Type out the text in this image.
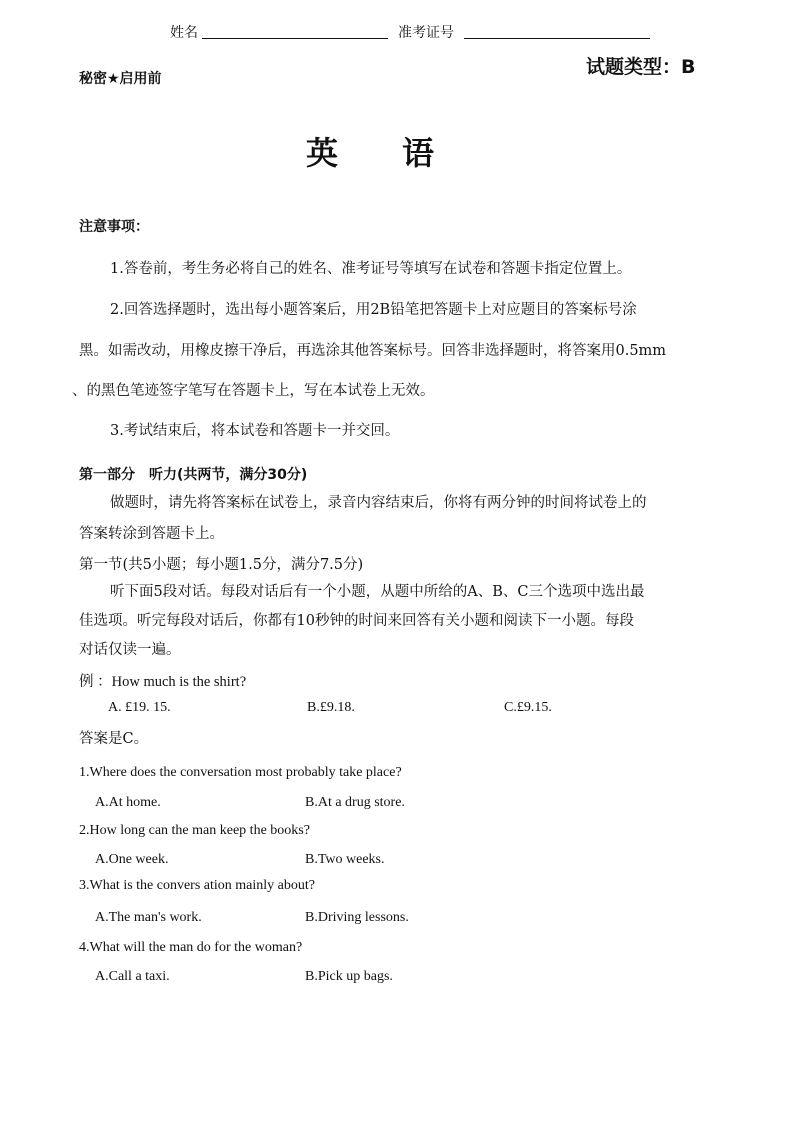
姓名	准考证号
试题类型：B
秘密★启用前
英　　语
注意事项：
1.答卷前，考生务必将自己的姓名、准考证号等填写在试卷和答题卡指定位置上。
2.回答选择题时，选出每小题答案后，用2B铅笔把答题卡上对应题目的答案标号涂
黑。如需改动，用橡皮擦干净后，再选涂其他答案标号。回答非选择题时，将答案用0.5mm
、的黑色笔迹签字笔写在答题卡上，写在本试卷上无效。
3.考试结束后，将本试卷和答题卡一并交回。
第一部分　听力(共两节，满分30分)
做题时，请先将答案标在试卷上，录音内容结束后，你将有两分钟的时间将试卷上的
答案转涂到答题卡上。
第一节(共5小题；每小题1.5分，满分7.5分)
听下面5段对话。每段对话后有一个小题，从题中所给的A、B、C三个选项中选出最
佳选项。听完每段对话后，你都有10秒钟的时间来回答有关小题和阅读下一小题。每段
对话仅读一遍。
例 ：How much is the shirt?
A. £19. 15.	B.£9.18.	C.£9.15.
答案是C。
1.Where does the conversation most probably take place?
A.At home.	B.At a drug store.
2.How long can the man keep the books?
A.One week.	B.Two weeks.
3.What is the convers ation mainly about?
A.The man's work.	B.Driving lessons.
4.What will the man do for the woman?
A.Call a taxi.	B.Pick up bags.
